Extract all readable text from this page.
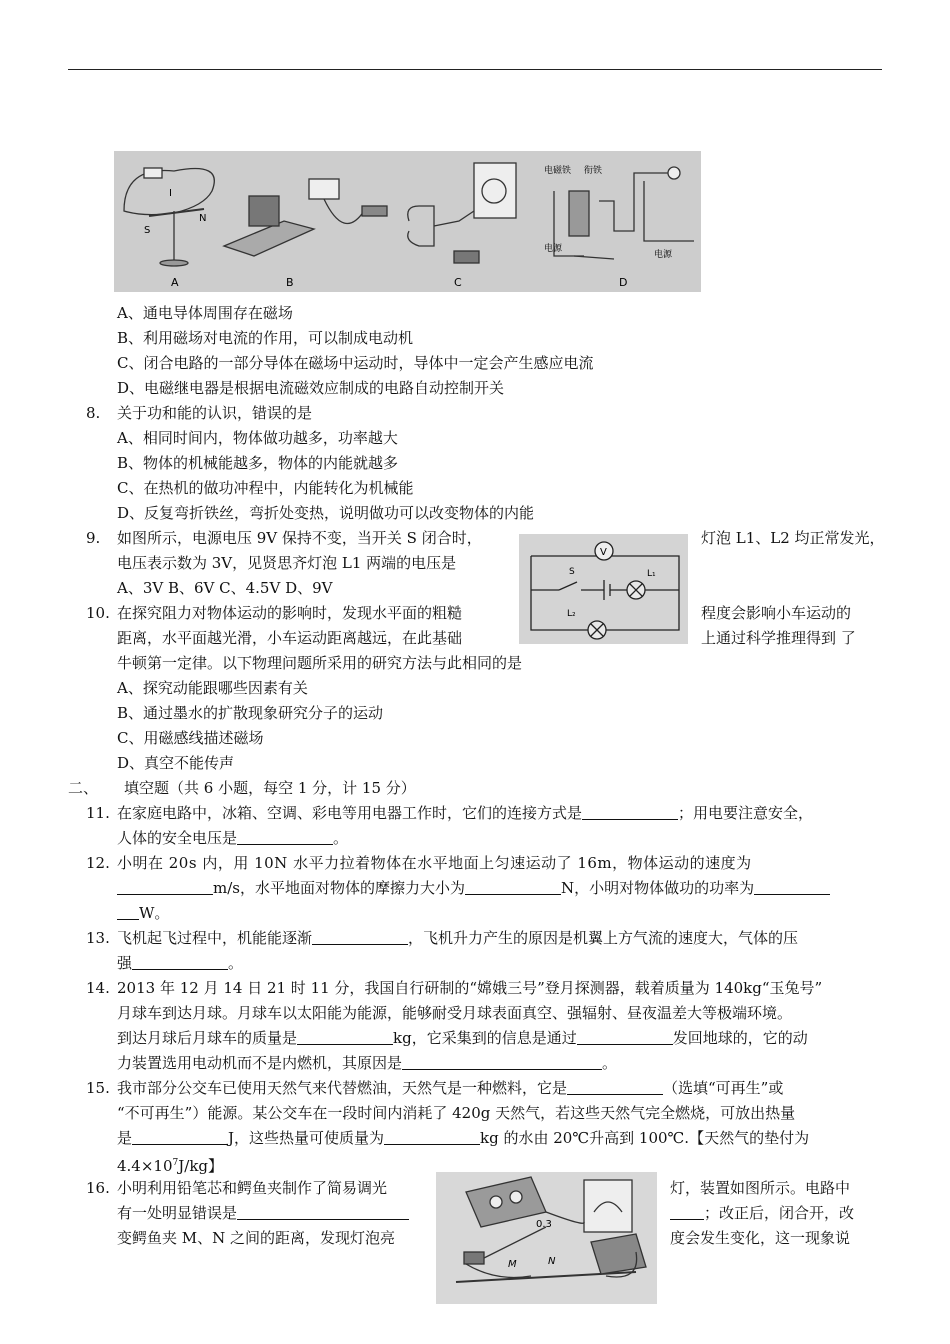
I
S
N
A	B	C
电磁铁 衔铁
电源
电源
D
A、通电导体周围存在磁场
B、利用磁场对电流的作用，可以制成电动机
C、闭合电路的一部分导体在磁场中运动时，导体中一定会产生感应电流
D、电磁继电器是根据电流磁效应制成的电路自动控制开关
8. 关于功和能的认识，错误的是
A、相同时间内，物体做功越多，功率越大
B、物体的机械能越多，物体的内能就越多
C、在热机的做功冲程中，内能转化为机械能
D、反复弯折铁丝，弯折处变热，说明做功可以改变物体的内能
9. 如图所示，电源电压 9V 保持不变，当开关 S 闭合时，	灯泡 L1、L2 均正常发光，
电压表示数为 3V，见贤思齐灯泡 L1 两端的电压是
A、3V B、6V C、4.5V D、9V
V
S	L₁
L₂
10. 在探究阻力对物体运动的影响时，发现水平面的粗糙	程度会影响小车运动的
距离，水平面越光滑，小车运动距离越远，在此基础	上通过科学推理得到 了
牛顿第一定律。以下物理问题所采用的研究方法与此相同的是
A、探究动能跟哪些因素有关
B、通过墨水的扩散现象研究分子的运动
C、用磁感线描述磁场
D、真空不能传声
二、 填空题（共 6 小题，每空 1 分，计 15 分）
11. 在家庭电路中，冰箱、空调、彩电等用电器工作时，它们的连接方式是	；用电要注意安全，
人体的安全电压是	。
12. 小明在 20s 内，用 10N 水平力拉着物体在水平地面上匀速运动了 16m，物体运动的速度为
m/s，水平地面对物体的摩擦力大小为	N，小明对物体做功的功率为
W。
13. 飞机起飞过程中，机能能逐渐	，飞机升力产生的原因是机翼上方气流的速度大，气体的压
强	。
14. 2013 年 12 月 14 日 21 时 11 分，我国自行研制的“嫦娥三号”登月探测器，载着质量为 140kg“玉兔号”
月球车到达月球。月球车以太阳能为能源，能够耐受月球表面真空、强辐射、昼夜温差大等极端环境。
到达月球后月球车的质量是	kg，它采集到的信息是通过	发回地球的，它的动
力装置选用电动机而不是内燃机，其原因是	。
15. 我市部分公交车已使用天然气来代替燃油，天然气是一种燃料，它是	（选填“可再生”或
“不可再生”）能源。某公交车在一段时间内消耗了 420g 天然气，若这些天然气完全燃烧，可放出热量
是	J，这些热量可使质量为	kg 的水由 20℃升高到 100℃.【天然气的垫付为
$4.4\times 10^7J/kg$】
16. 小明利用铅笔芯和鳄鱼夹制作了简易调光	灯，装置如图所示。电路中
有一处明显错误是	；改正后，闭合开，改
变鳄鱼夹 M、N 之间的距离，发现灯泡亮	度会发生变化，这一现象说
0.3
M	N
